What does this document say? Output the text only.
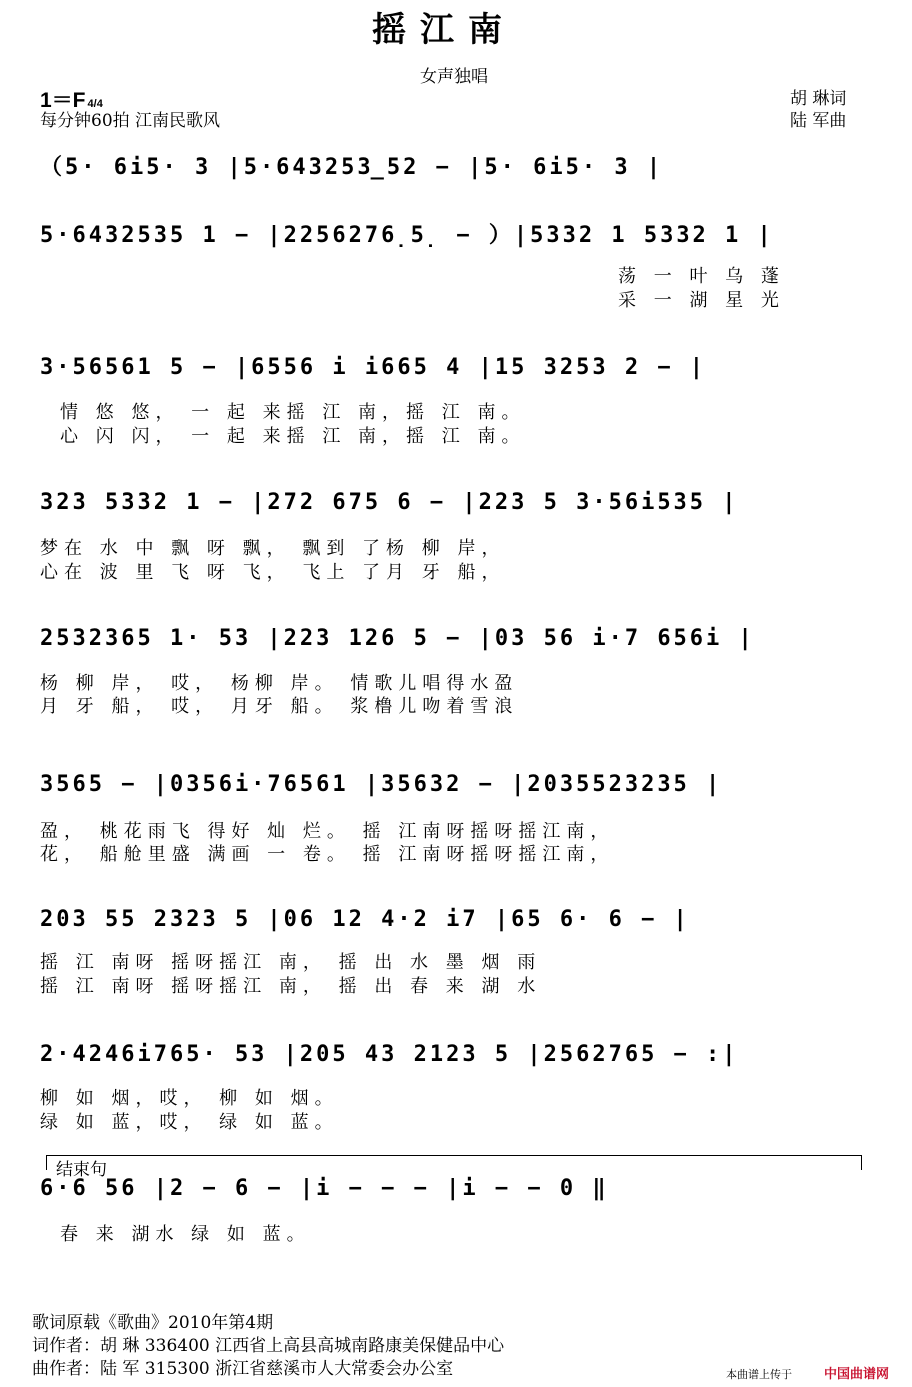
摇江南
女声独唱
1＝F 4/4
每分钟60拍 江南民歌风
胡 琳词
陆 军曲
（5· 6i5· 3 |5·643253̲52 − |5· 6i5· 3 |
5·6432535 1 − |2256276̣5̣ − ）|5332 1 5332 1 |
荡 一 叶 乌 蓬
采 一 湖 星 光
3·56561 5 − |6556 i i665 4 |15 3253 2 − |
情 悠 悠， 一 起 来摇 江 南，摇 江 南。
心 闪 闪， 一 起 来摇 江 南，摇 江 南。
323 5332 1 − |272 675 6 − |223 5 3·56i535 |
梦在 水 中 飘 呀 飘， 飘到 了杨 柳 岸，
心在 波 里 飞 呀 飞， 飞上 了月 牙 船，
2532365 1· 53 |223 126 5 − |03 56 i·7 656i |
杨 柳 岸， 哎， 杨柳 岸。 情歌儿唱得水盈
月 牙 船， 哎， 月牙 船。 浆橹儿吻着雪浪
3565 − |0356i·76561 |35632 − |2035523235 |
盈， 桃花雨飞 得好 灿 烂。 摇 江南呀摇呀摇江南，
花， 船舱里盛 满画 一 卷。 摇 江南呀摇呀摇江南，
203 55 2323 5 |06 12 4·2 i7 |65 6· 6 − |
摇 江 南呀 摇呀摇江 南， 摇 出 水 墨 烟 雨
摇 江 南呀 摇呀摇江 南， 摇 出 春 来 湖 水
2·4246i765· 53 |205 43 2123 5 |2562765 − :|
柳 如 烟，哎， 柳 如 烟。
绿 如 蓝，哎， 绿 如 蓝。
结束句
6·6 56 |2 − 6 − |i − − − |i − − 0 ‖
春 来 湖水 绿 如 蓝。
歌词原载《歌曲》2010年第4期
词作者：胡 琳 336400 江西省上高县高城南路康美保健品中心
曲作者：陆 军 315300 浙江省慈溪市人大常委会办公室	本曲谱上传于 中国曲谱网
